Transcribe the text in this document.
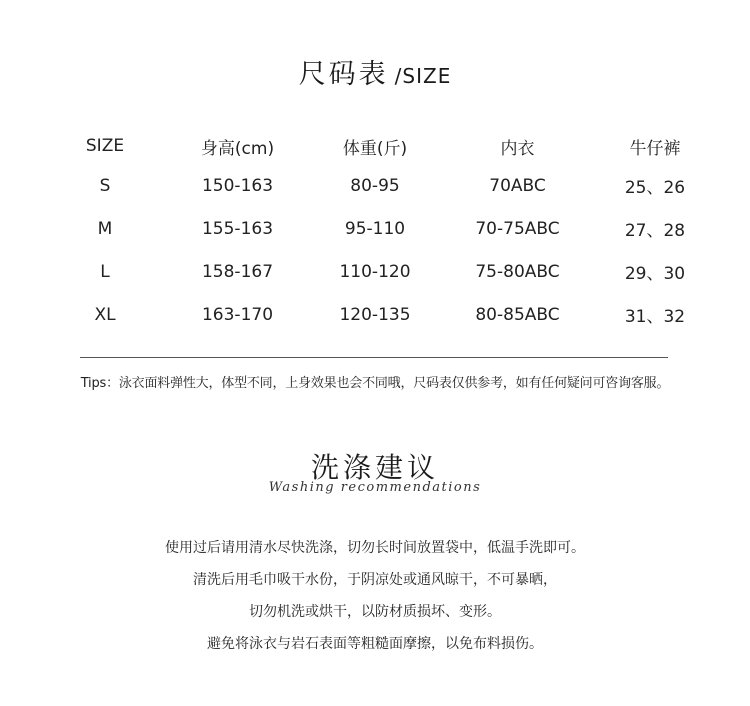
尺码表 /SIZE
SIZE	身高(cm)	体重(斤)	内衣	牛仔裤
S	150-163	80-95	70ABC	25、26
M	155-163	95-110	70-75ABC	27、28
L	158-167	110-120	75-80ABC	29、30
XL	163-170	120-135	80-85ABC	31、32
Tips：泳衣面料弹性大，体型不同，上身效果也会不同哦，尺码表仅供参考，如有任何疑问可咨询客服。
洗涤建议
Washing recommendations
使用过后请用清水尽快洗涤，切勿长时间放置袋中，低温手洗即可。
清洗后用毛巾吸干水份，于阴凉处或通风晾干，不可暴晒，
切勿机洗或烘干，以防材质损坏、变形。
避免将泳衣与岩石表面等粗糙面摩擦，以免布料损伤。
